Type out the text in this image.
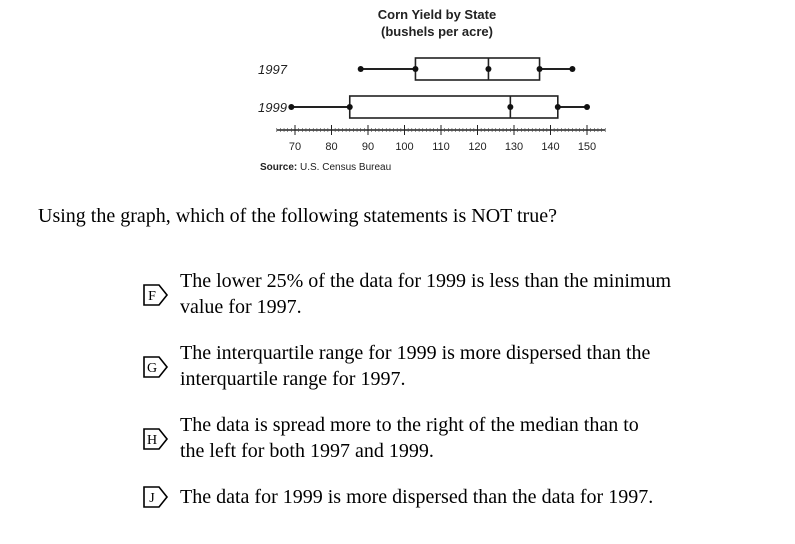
Corn Yield by State
(bushels per acre)
70 80 90 100 110 120 130 140 150
1997
1999
Source: U.S. Census Bureau
Using the graph, which of the following statements is NOT true?
F
The lower 25% of the data for 1999 is less than the minimum
value for 1997.
G
The interquartile range for 1999 is more dispersed than the
interquartile range for 1997.
H
The data is spread more to the right of the median than to
the left for both 1997 and 1999.
J The data for 1999 is more dispersed than the data for 1997.
